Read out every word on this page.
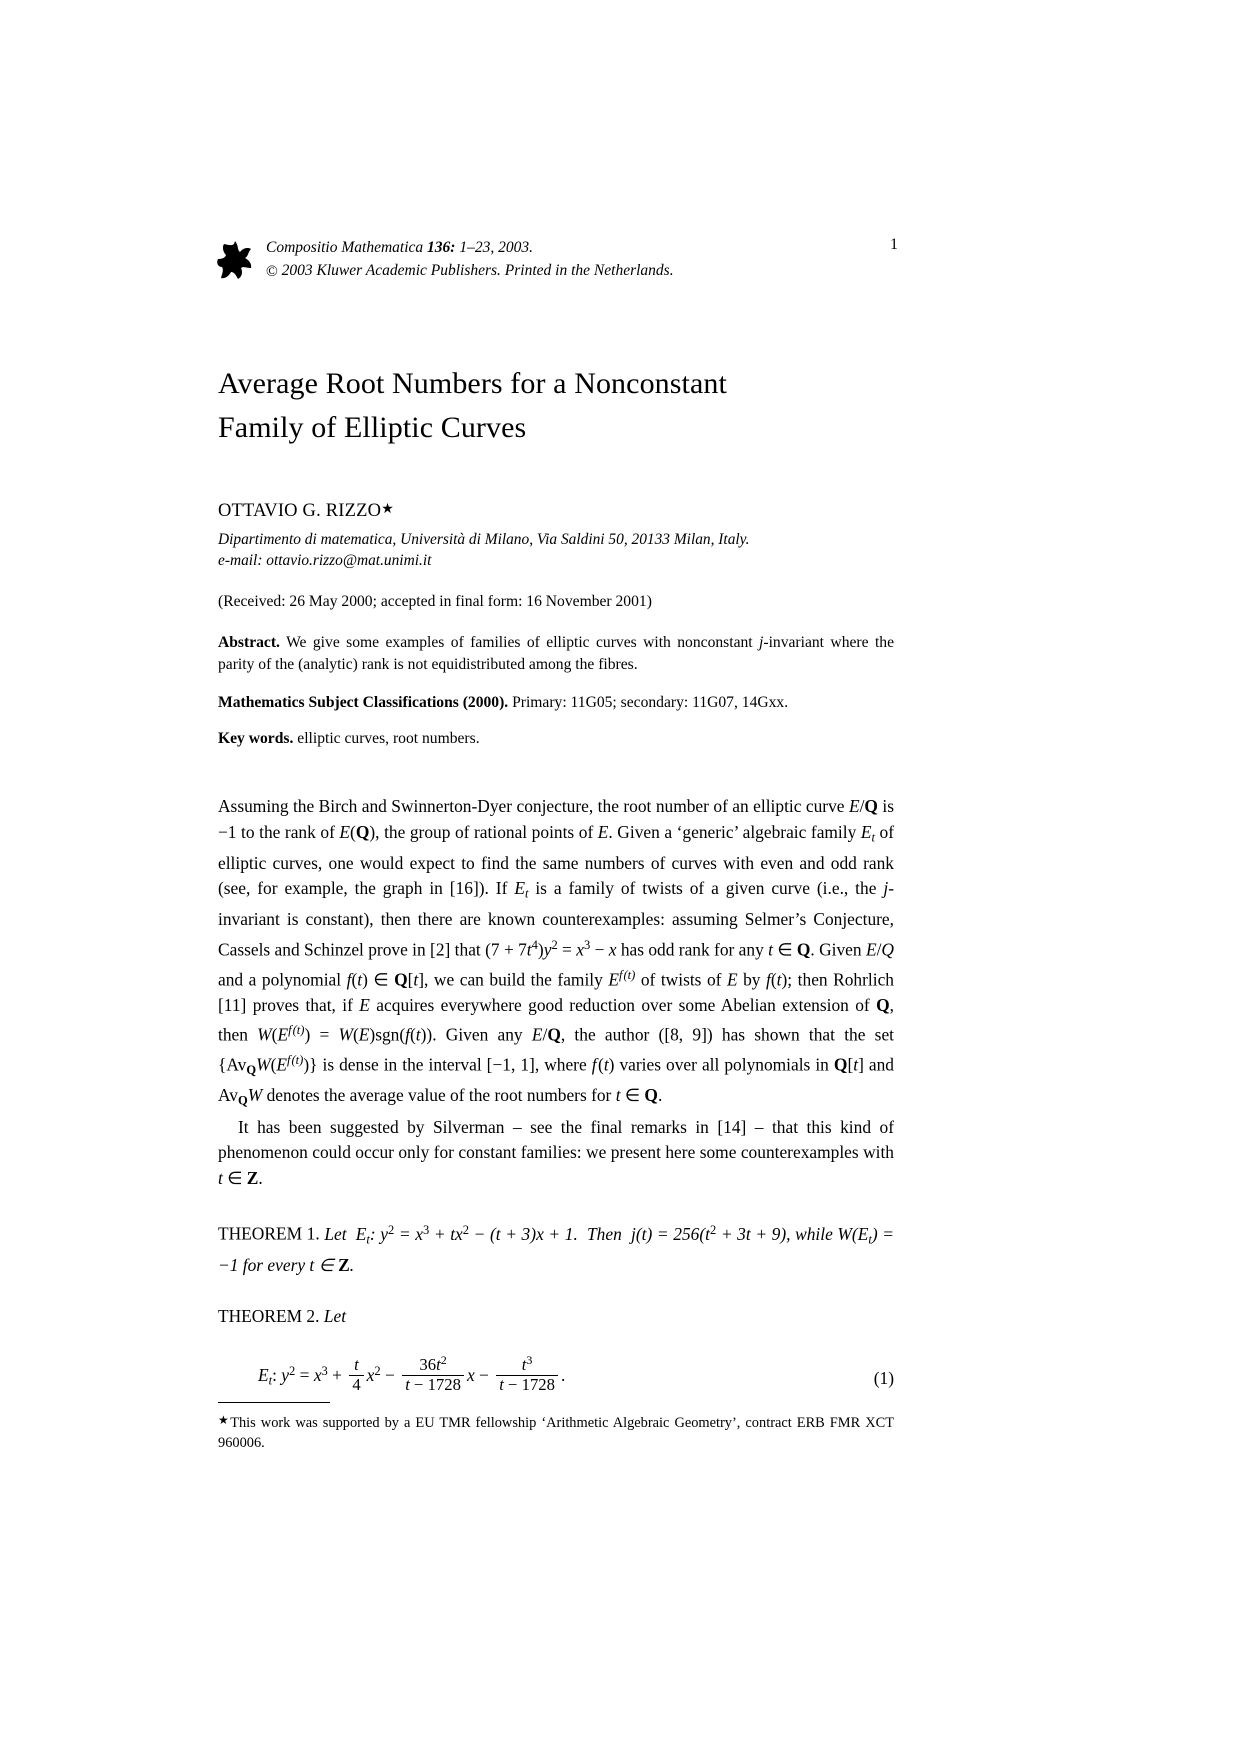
Compositio Mathematica 136: 1–23, 2003.
© 2003 Kluwer Academic Publishers. Printed in the Netherlands.
1
Average Root Numbers for a Nonconstant
Family of Elliptic Curves
OTTAVIO G. RIZZO★
Dipartimento di matematica, Università di Milano, Via Saldini 50, 20133 Milan, Italy.
e-mail: ottavio.rizzo@mat.unimi.it
(Received: 26 May 2000; accepted in final form: 16 November 2001)
Abstract. We give some examples of families of elliptic curves with nonconstant j-invariant where the parity of the (analytic) rank is not equidistributed among the fibres.
Mathematics Subject Classifications (2000). Primary: 11G05; secondary: 11G07, 14Gxx.
Key words. elliptic curves, root numbers.

Assuming the Birch and Swinnerton-Dyer conjecture, the root number of an elliptic curve E/Q is −1 to the rank of E(Q), the group of rational points of E. Given a ‘generic’ algebraic family $E_t$ of elliptic curves, one would expect to find the same numbers of curves with even and odd rank (see, for example, the graph in [16]). If $E_t$ is a family of twists of a given curve (i.e., the j-invariant is constant), then there are known counterexamples: assuming Selmer’s Conjecture, Cassels and Schinzel prove in [2] that $(7 + 7t^4)y^2 = x^3 - x$ has odd rank for any t ∈ Q. Given E/Q and a polynomial f(t) ∈ Q[t], we can build the family $E^{f (t)}$ of twists of E by f(t); then Rohrlich [11] proves that, if E acquires everywhere good reduction over some Abelian extension of Q, then $W(E^{f (t)}) = W(E)sgn(f(t))$. Given any E/Q, the author ([8, 9]) has shown that the set $\{Av_QW(E^{f (t)})\}$ is dense in the interval [−1, 1], where f (t) varies over all polynomials in Q[t] and $Av_QW$ denotes the average value of the root numbers for t ∈ Q.

It has been suggested by Silverman – see the final remarks in [14] – that this kind of phenomenon could occur only for constant families: we present here some counterexamples with t ∈ Z.

THEOREM 1. Let  $E_t$: $y^2 = x^3 + tx^2 - (t + 3)x + 1$.  Then  $j(t) = 256(t^2 + 3t + 9)$, while $W(E_t) = -1$ for every t ∈ Z.
THEOREM 2. Let
$E_t$: $y^2 = x^3 + \frac{t}{4} x^2 - \frac{36t^2}{t - 1728}$ $x - \frac{t^3}{t - 1728}$ .	(1)
★This work was supported by a EU TMR fellowship ‘Arithmetic Algebraic Geometry’, contract ERB FMR XCT 960006.
